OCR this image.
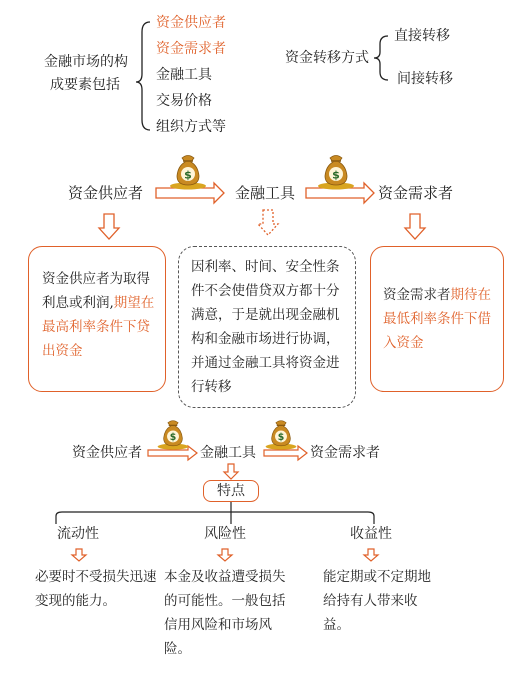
$	$
$	$
金融市场的构
成要素包括
资金供应者
资金需求者
金融工具
交易价格
组织方式等
资金转移方式
直接转移
间接转移
资金供应者	金融工具	资金需求者

资金供应者为取得利息或利润,期望在最高利率条件下贷出资金

因利率、时间、安全性条件不会使借贷双方都十分满意，于是就出现金融机构和金融市场进行协调，并通过金融工具将资金进行转移

资金需求者期待在最低利率条件下借入资金

资金供应者	金融工具	资金需求者
特点
流动性	风险性	收益性
必要时不受损失迅速变现的能力。
本金及收益遭受损失的可能性。一般包括信用风险和市场风险。
能定期或不定期地给持有人带来收益。
